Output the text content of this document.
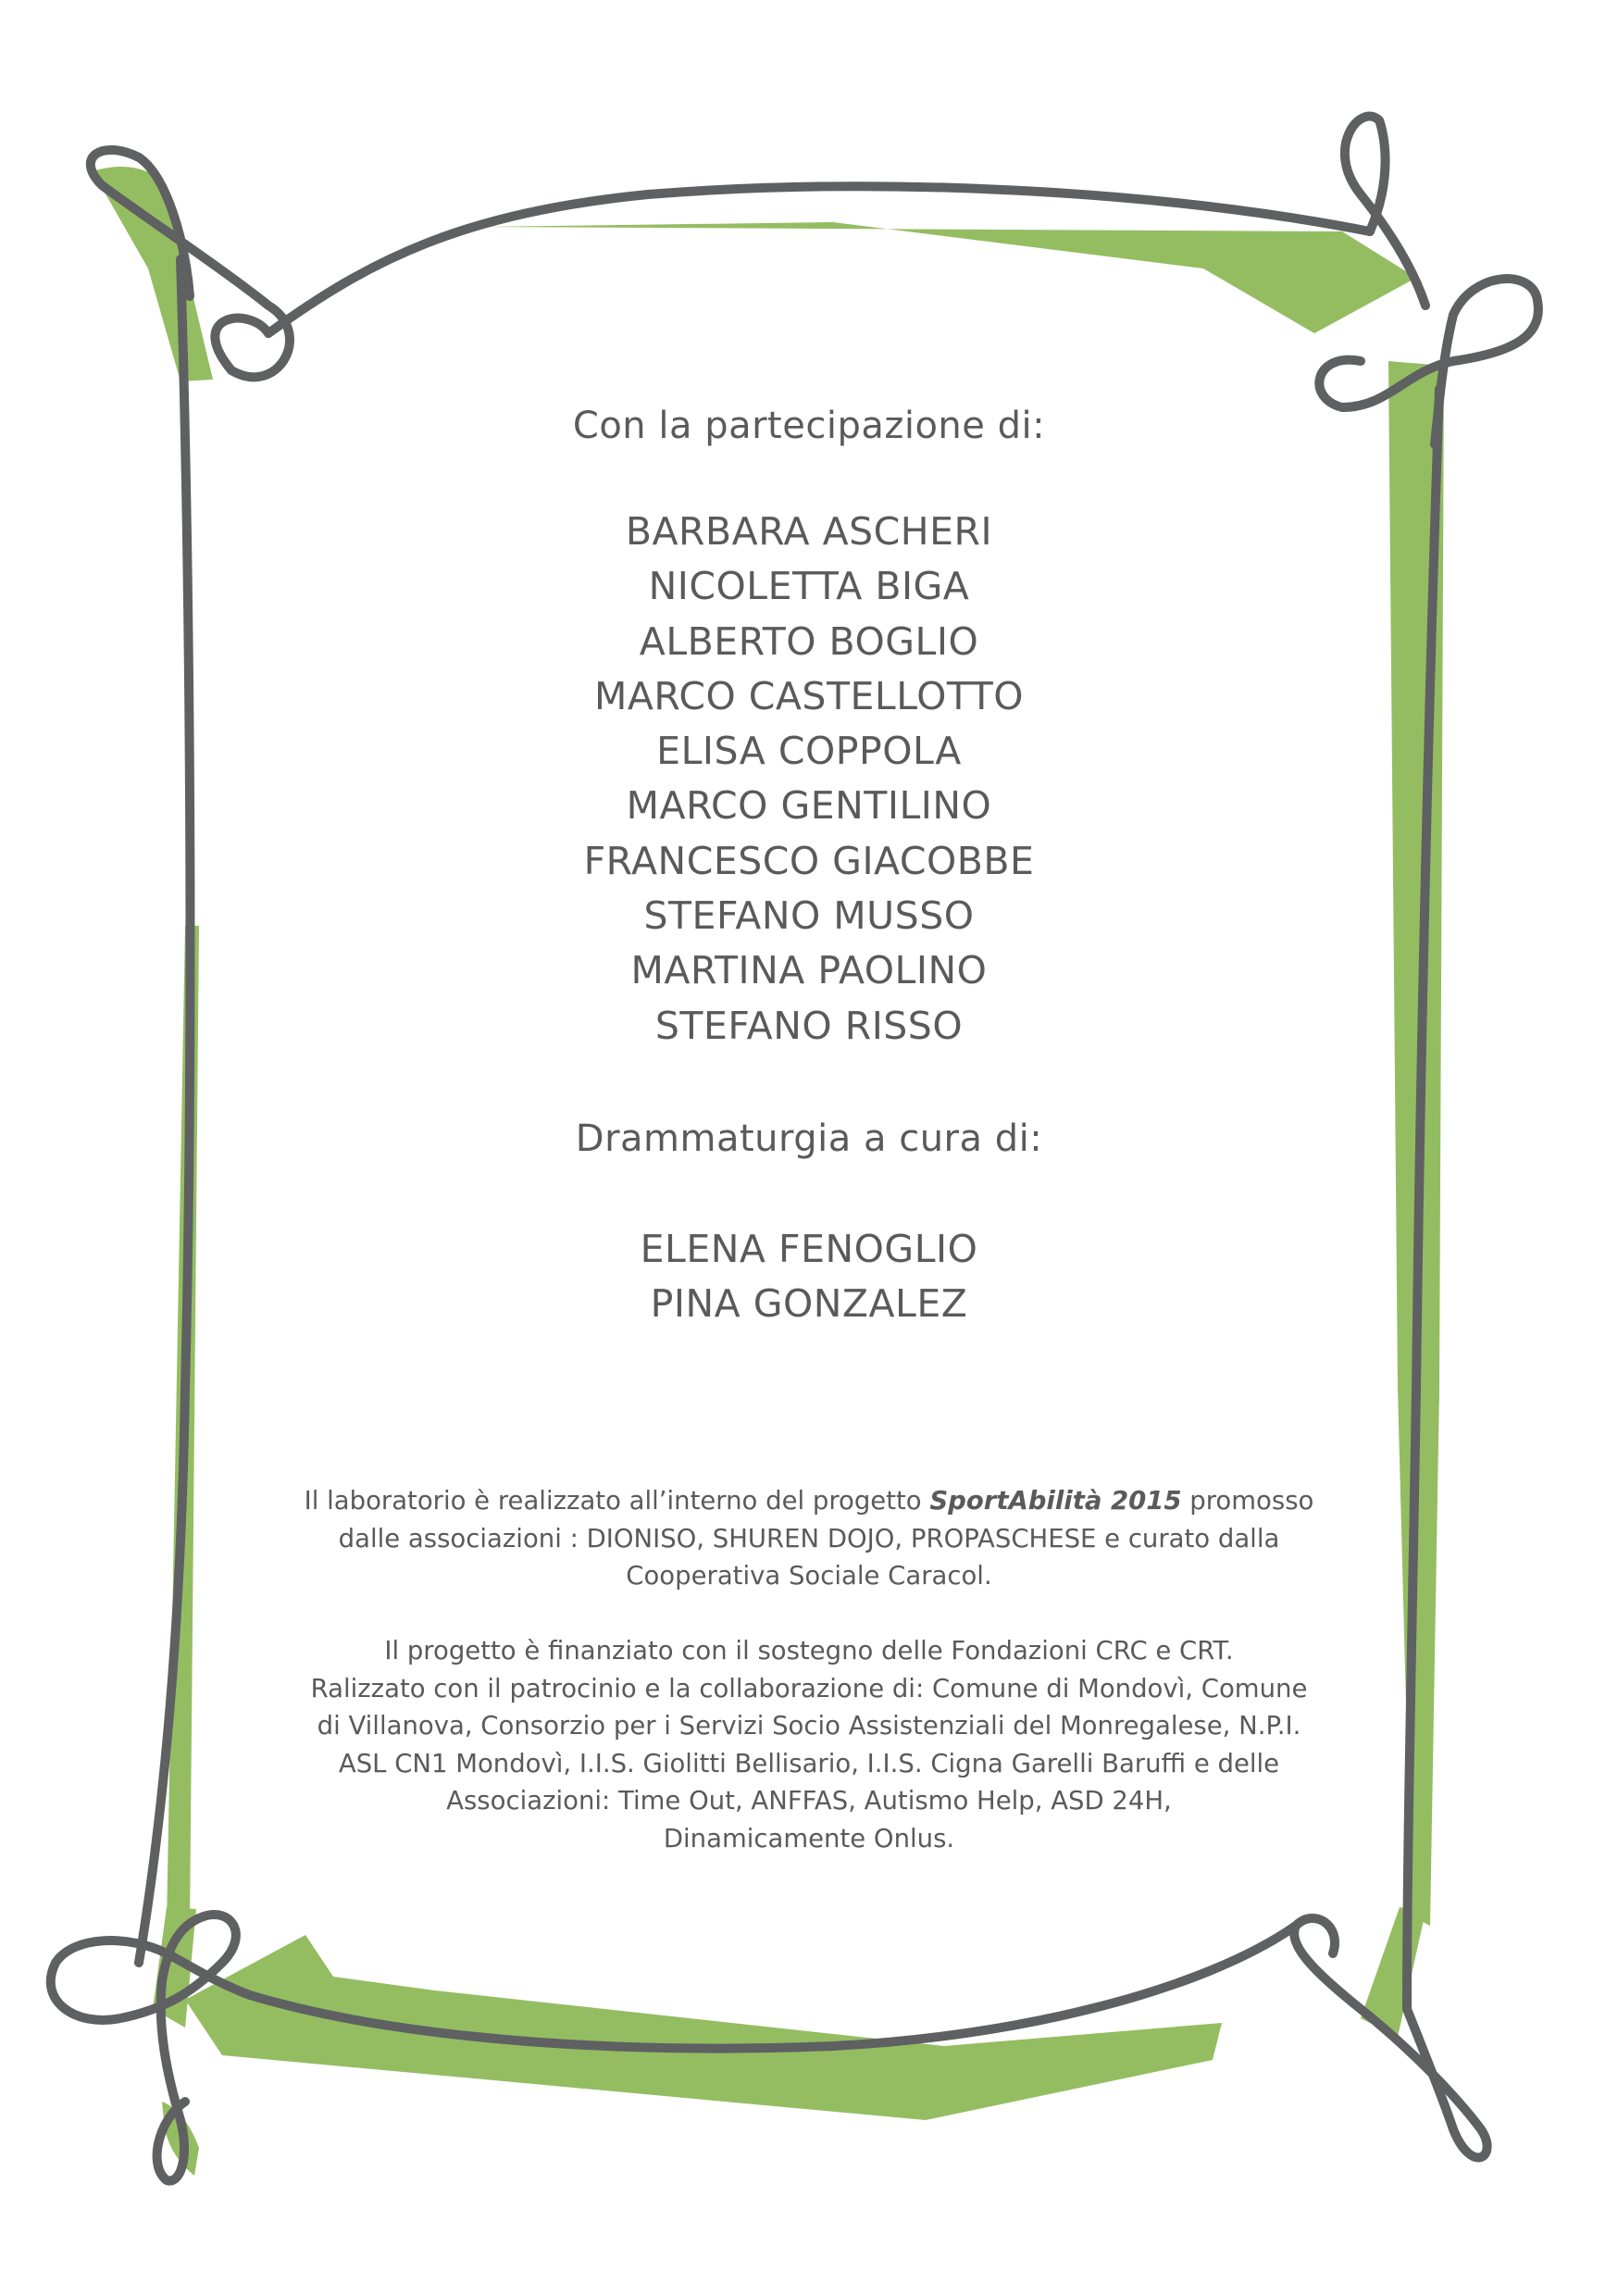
Con la partecipazione di:

BARBARA ASCHERI
NICOLETTA BIGA
ALBERTO BOGLIO
MARCO CASTELLOTTO
ELISA COPPOLA
MARCO GENTILINO
FRANCESCO GIACOBBE
STEFANO MUSSO
MARTINA PAOLINO
STEFANO RISSO

Drammaturgia a cura di:

ELENA FENOGLIO
PINA GONZALEZ

Il laboratorio è realizzato all’interno del progetto SportAbilità 2015 promosso

dalle associazioni : DIONISO, SHUREN DOJO, PROPASCHESE e curato dalla

Cooperativa Sociale Caracol.

Il progetto è finanziato con il sostegno delle Fondazioni CRC e CRT.

Ralizzato con il patrocinio e la collaborazione di: Comune di Mondovì, Comune

di Villanova, Consorzio per i Servizi Socio Assistenziali del Monregalese, N.P.I.

ASL CN1 Mondovì, I.I.S. Giolitti Bellisario, I.I.S. Cigna Garelli Baruffi e delle

Associazioni: Time Out, ANFFAS, Autismo Help, ASD 24H,

Dinamicamente Onlus.
